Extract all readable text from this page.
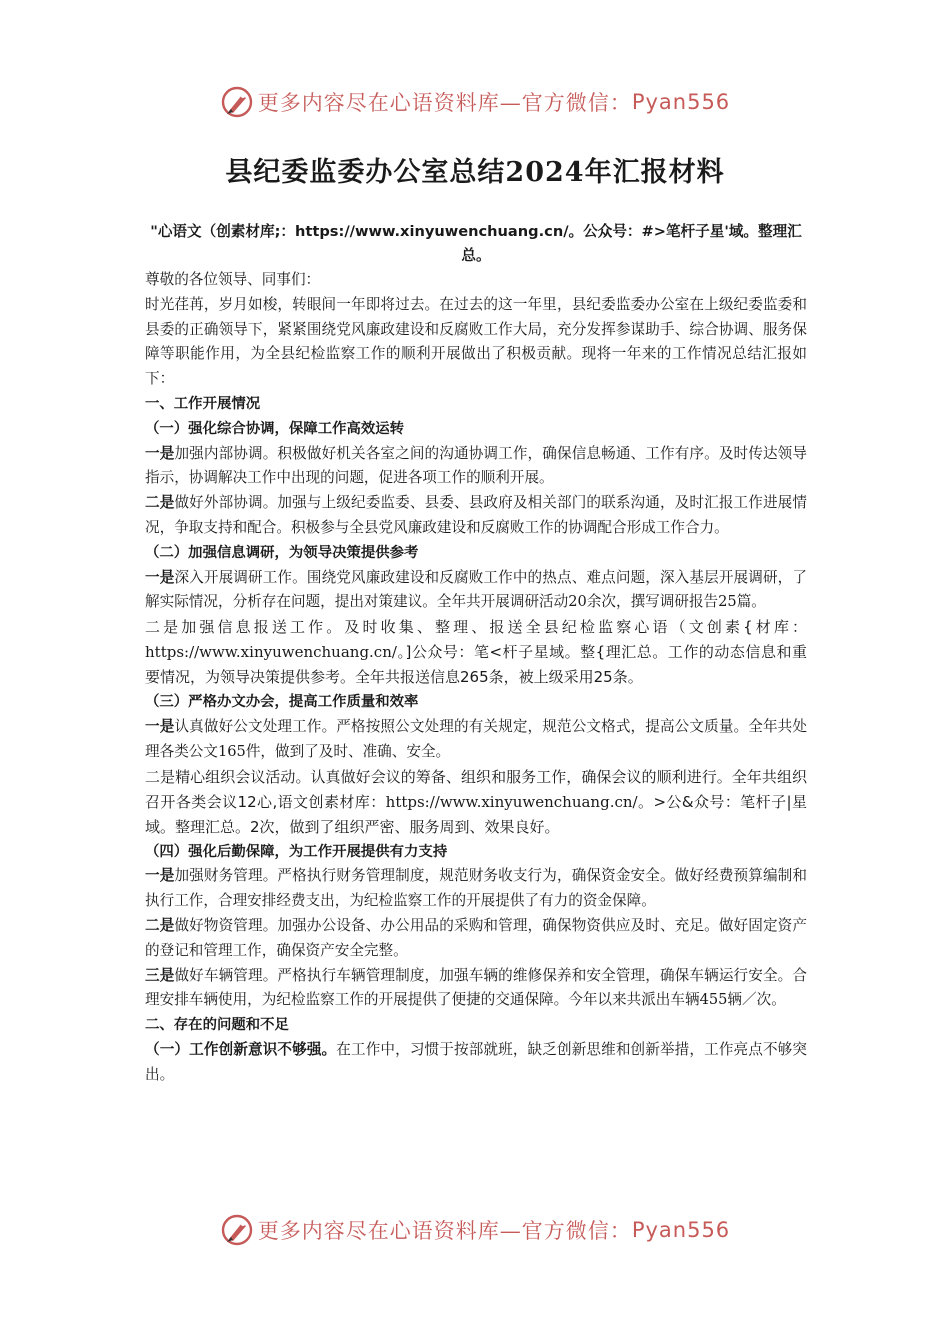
更多内容尽在心语资料库—官方微信： Pyan556
县纪委监委办公室总结2024年汇报材料

"心语文（创素材库;：https://www.xinyuwenchuang.cn/。公众号：#>笔杆子星'域。整理汇总。

尊敬的各位领导、同事们：

时光荏苒，岁月如梭，转眼间一年即将过去。在过去的这一年里，县纪委监委办公室在上级纪委监委和县委的正确领导下，紧紧围绕党风廉政建设和反腐败工作大局，充分发挥参谋助手、综合协调、服务保障等职能作用，为全县纪检监察工作的顺利开展做出了积极贡献。现将一年来的工作情况总结汇报如下：

一、工作开展情况

（一）强化综合协调，保障工作高效运转

一是加强内部协调。积极做好机关各室之间的沟通协调工作，确保信息畅通、工作有序。及时传达领导指示，协调解决工作中出现的问题，促进各项工作的顺利开展。

二是做好外部协调。加强与上级纪委监委、县委、县政府及相关部门的联系沟通，及时汇报工作进展情况，争取支持和配合。积极参与全县党风廉政建设和反腐败工作的协调配合形成工作合力。

（二）加强信息调研，为领导决策提供参考

一是深入开展调研工作。围绕党风廉政建设和反腐败工作中的热点、难点问题，深入基层开展调研，了解实际情况，分析存在问题，提出对策建议。全年共开展调研活动20余次，撰写调研报告25篇。

二是加强信息报送工作。及时收集、整理、报送全县纪检监察心语（文创素{材库：https://www.xinyuwenchuang.cn/。]公众号：笔<杆子星域。整{理汇总。工作的动态信息和重要情况，为领导决策提供参考。全年共报送信息265条，被上级采用25条。

（三）严格办文办会，提高工作质量和效率

一是认真做好公文处理工作。严格按照公文处理的有关规定，规范公文格式，提高公文质量。全年共处理各类公文165件，做到了及时、准确、安全。

二是精心组织会议活动。认真做好会议的筹备、组织和服务工作，确保会议的顺利进行。全年共组织召开各类会议12心,语文创素材库：https://www.xinyuwenchuang.cn/。>公&众号：笔杆子|星域。整理汇总。2次，做到了组织严密、服务周到、效果良好。

（四）强化后勤保障，为工作开展提供有力支持

一是加强财务管理。严格执行财务管理制度，规范财务收支行为，确保资金安全。做好经费预算编制和执行工作，合理安排经费支出，为纪检监察工作的开展提供了有力的资金保障。

二是做好物资管理。加强办公设备、办公用品的采购和管理，确保物资供应及时、充足。做好固定资产的登记和管理工作，确保资产安全完整。

三是做好车辆管理。严格执行车辆管理制度，加强车辆的维修保养和安全管理，确保车辆运行安全。合理安排车辆使用，为纪检监察工作的开展提供了便捷的交通保障。今年以来共派出车辆455辆／次。

二、存在的问题和不足

（一）工作创新意识不够强。在工作中，习惯于按部就班，缺乏创新思维和创新举措，工作亮点不够突出。

更多内容尽在心语资料库—官方微信： Pyan556
